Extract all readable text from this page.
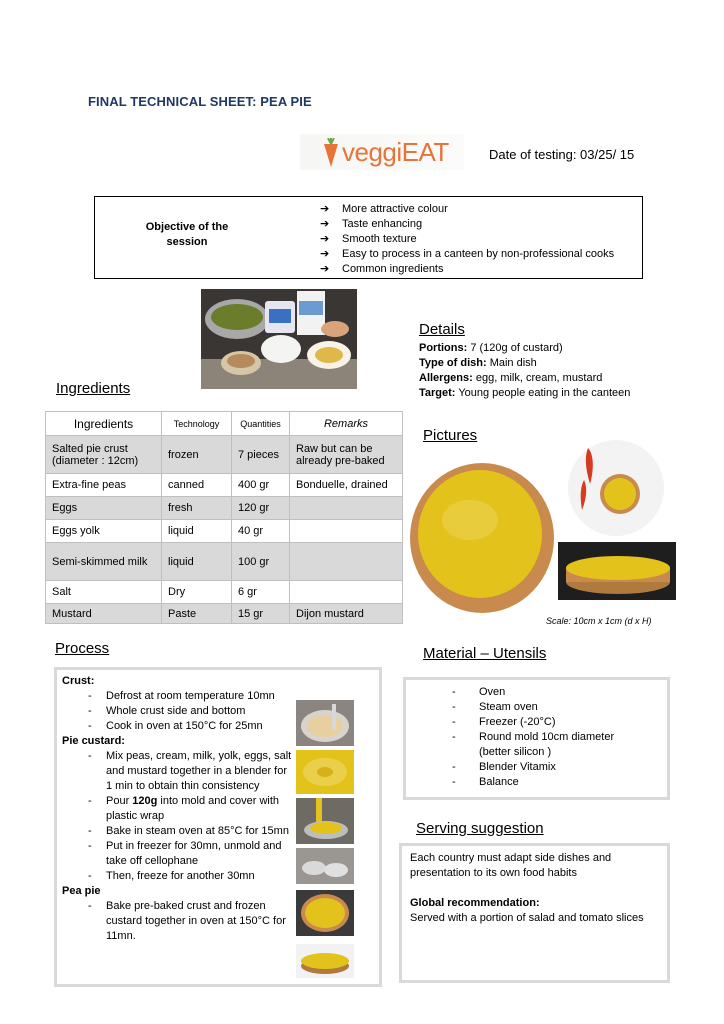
FINAL TECHNICAL SHEET: PEA PIE
veggiEAT	Date of testing: 03/25/ 15
Objective of the session
➔ More attractive colour
➔ Taste enhancing
➔ Smooth texture
➔ Easy to process in a canteen by non-professional cooks
➔ Common ingredients
Details
Portions: 7 (120g of custard)
Type of dish: Main dish
Allergens: egg, milk, cream, mustard
Target: Young people eating in the canteen
Ingredients
Ingredients	Technology	Quantities	Remarks
Salted pie crust (diameter : 12cm)	frozen	7 pieces	Raw but can be already pre-baked
Extra-fine peas	canned	400 gr	Bonduelle, drained
Eggs	fresh	120 gr	
Eggs yolk	liquid	40 gr	
Semi-skimmed milk	liquid	100 gr	
Salt	Dry	6 gr	
Mustard	Paste	15 gr	Dijon mustard
Pictures
Scale: 10cm x 1cm (d x H)
Process
Crust:
- Defrost at room temperature 10mn
- Whole crust side and bottom
- Cook in oven at 150°C for 25mn
Pie custard:
- Mix peas, cream, milk, yolk, eggs, salt and mustard together in a blender for 1 min to obtain thin consistency
- Pour 120g into mold and cover with plastic wrap
- Bake in steam oven at 85°C for 15mn
- Put in freezer for 30mn, unmold and take off cellophane
- Then, freeze for another 30mn
Pea pie
- Bake pre-baked crust and frozen custard together in oven at 150°C for 11mn.
Material – Utensils
- Oven
- Steam oven
- Freezer (-20°C)
- Round mold 10cm diameter (better silicon )
- Blender Vitamix
- Balance
Serving suggestion
Each country must adapt side dishes and presentation to its own food habits
Global recommendation:
Served with a portion of salad and tomato slices
